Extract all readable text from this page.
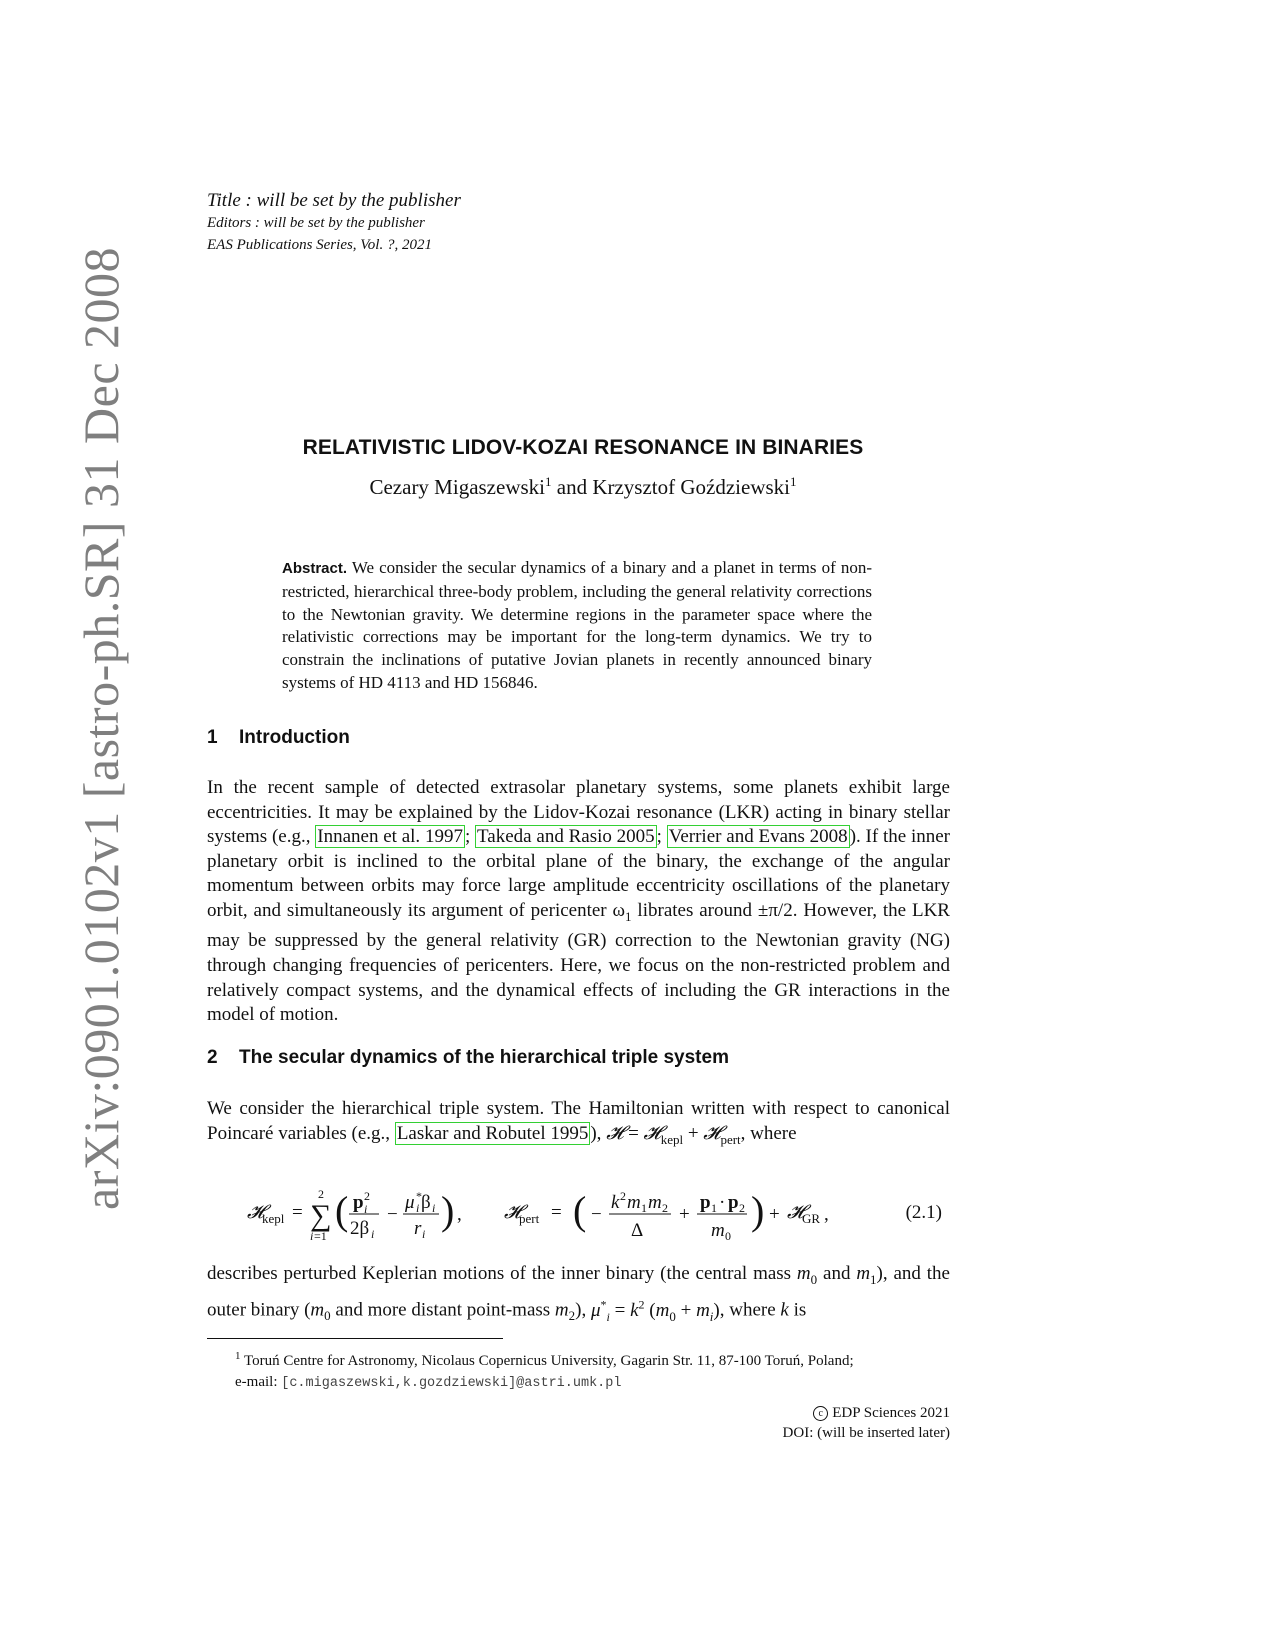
arXiv:0901.0102v1 [astro-ph.SR] 31 Dec 2008
Title : will be set by the publisher
Editors : will be set by the publisher
EAS Publications Series, Vol. ?, 2021
RELATIVISTIC LIDOV-KOZAI RESONANCE IN BINARIES
Cezary Migaszewski$^1$ and Krzysztof Goździewski$^1$
Abstract. We consider the secular dynamics of a binary and a planet in terms of non-restricted, hierarchical three-body problem, including the general relativity corrections to the Newtonian gravity. We determine regions in the parameter space where the relativistic corrections may be important for the long-term dynamics. We try to constrain the inclinations of putative Jovian planets in recently announced binary systems of HD 4113 and HD 156846.
1 Introduction
In the recent sample of detected extrasolar planetary systems, some planets exhibit large eccentricities. It may be explained by the Lidov-Kozai resonance (LKR) acting in binary stellar systems (e.g., Innanen et al. 1997 ; Takeda and Rasio 2005 ; Verrier and Evans 2008 ). If the inner planetary orbit is inclined to the orbital plane of the binary, the exchange of the angular momentum between orbits may force large amplitude eccentricity oscillations of the planetary orbit, and simultaneously its argument of pericenter $\omega_1$ librates around ±π/2. However, the LKR may be suppressed by the general relativity (GR) correction to the Newtonian gravity (NG) through changing frequencies of pericenters. Here, we focus on the non-restricted problem and relatively compact systems, and the dynamical effects of including the GR interactions in the model of motion.
2 The secular dynamics of the hierarchical triple system
We consider the hierarchical triple system. The Hamiltonian written with respect to canonical Poincaré variables (e.g., Laskar and Robutel 1995 ), 𝓗 = 𝓗$_{kepl}$ + 𝓗$_{pert}$, where
𝓗
kepl =
2
∑
i =1
( p 2
i
2β i
−
μ *
i β i
r i
) , 𝓗
pert = ( −
k 2 m 1 m 2
Δ
+
p 1 · p 2
m 0
) + 𝓗
GR ,	(2.1)
describes perturbed Keplerian motions of the inner binary (the central mass $m_0$ and $m_1$), and the outer binary ($m_0$ and more distant point-mass $m_2$), $\mu^*_i = k^2$ $(m_0 + m_i)$, where k is
$^1$ Toruń Centre for Astronomy, Nicolaus Copernicus University, Gagarin Str. 11, 87-100 Toruń, Poland;
e-mail: [c.migaszewski,k.gozdziewski]@astri.umk.pl
c EDP Sciences 2021
DOI: (will be inserted later)
